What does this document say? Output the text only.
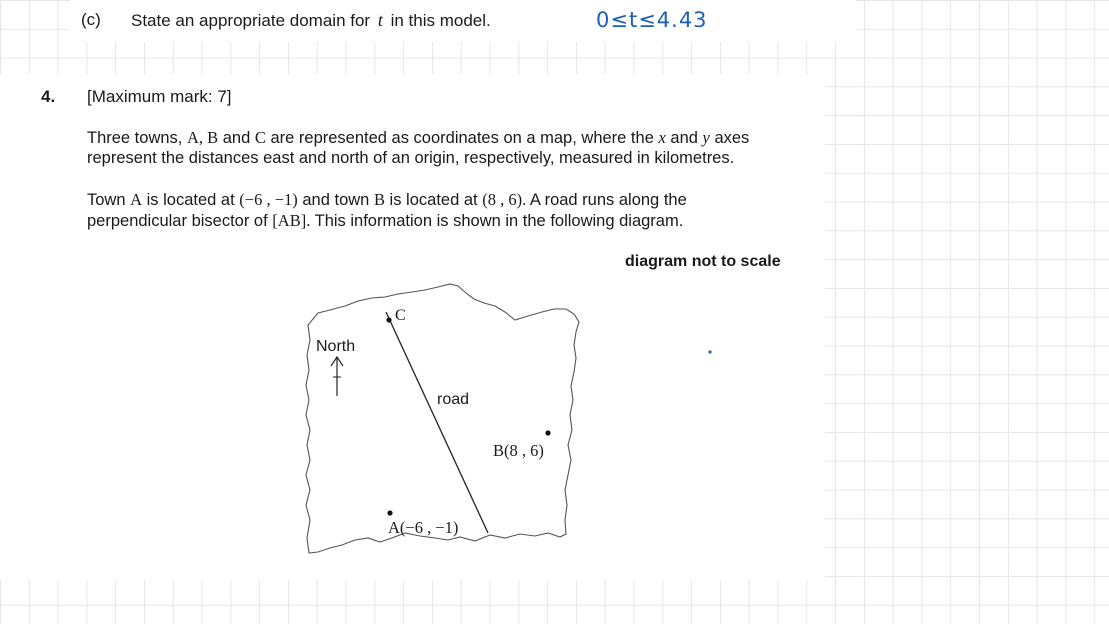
(c) State an appropriate domain for t in this model.	0≤t≤4.43
4. [Maximum mark: 7]
Three towns, A, B and C are represented as coordinates on a map, where the x and y axes
represent the distances east and north of an origin, respectively, measured in kilometres.
Town A is located at (−6 , −1) and town B is located at (8 , 6). A road runs along the
perpendicular bisector of [AB]. This information is shown in the following diagram.
diagram not to scale
C
North
road
B(8 , 6)
A(−6 , −1)
